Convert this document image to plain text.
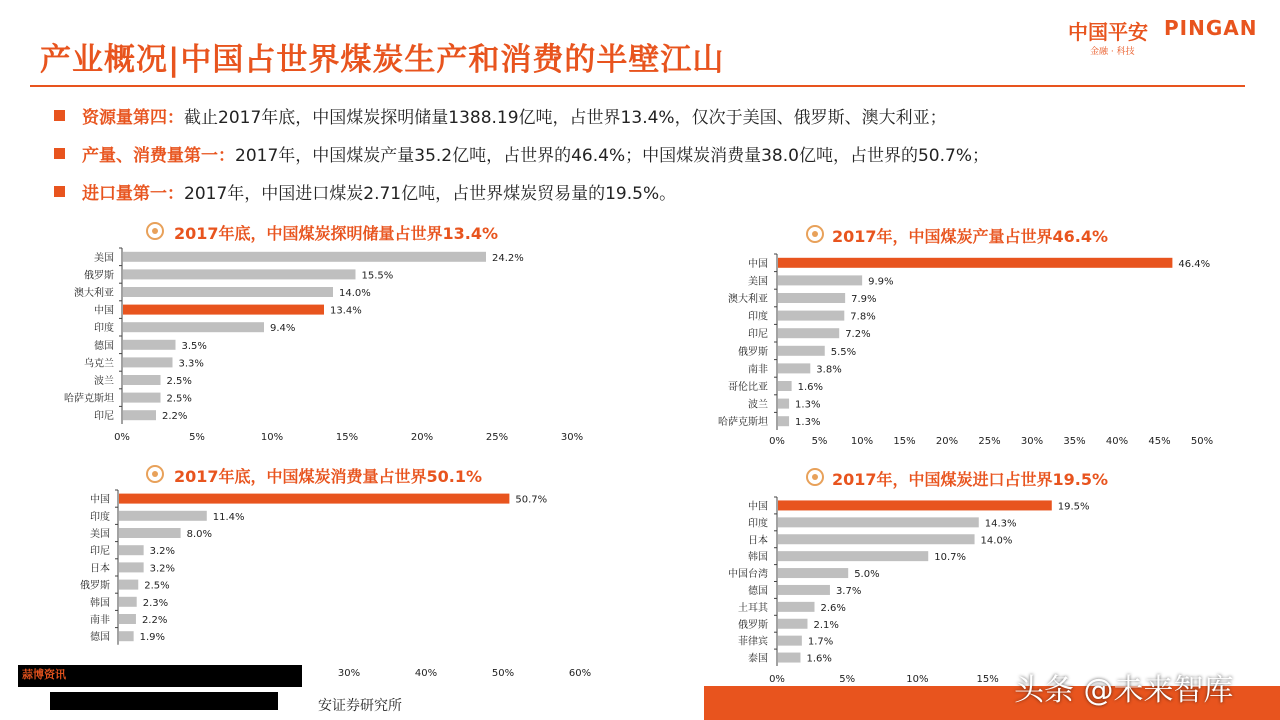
产业概况|中国占世界煤炭生产和消费的半壁江山
中国平安 PINGAN
金融 · 科技
资源量第四：截止2017年底，中国煤炭探明储量1388.19亿吨，占世界13.4%，仅次于美国、俄罗斯、澳大利亚；
产量、消费量第一：2017年，中国煤炭产量35.2亿吨，占世界的46.4%；中国煤炭消费量38.0亿吨，占世界的50.7%；
进口量第一：2017年，中国进口煤炭2.71亿吨，占世界煤炭贸易量的19.5%。
2017年底，中国煤炭探明储量占世界13.4%
美国	24.2%
俄罗斯	15.5%
澳大利亚	14.0%
中国	13.4%
印度	9.4%
德国	3.5%
乌克兰	3.3%
波兰	2.5%
哈萨克斯坦	2.5%
印尼	2.2%
0%	5%	10%	15%	20%	25%	30%
2017年，中国煤炭产量占世界46.4%
中国	46.4%
美国	9.9%
澳大利亚	7.9%
印度	7.8%
印尼	7.2%
俄罗斯	5.5%
南非	3.8%
哥伦比亚	1.6%
波兰	1.3%
哈萨克斯坦	1.3%
0%	5% 10% 15% 20% 25% 30% 35% 40% 45% 50%
2017年底，中国煤炭消费量占世界50.1%
中国	50.7%
印度	11.4%
美国	8.0%
印尼	3.2%
日本	3.2%
俄罗斯	2.5%
韩国	2.3%
南非	2.2%
德国	1.9%
30%	40%	50%	60%
2017年，中国煤炭进口占世界19.5%
中国	19.5%
印度	14.3%
日本	14.0%
韩国	10.7%
中国台湾	5.0%
德国	3.7%
土耳其	2.6%
俄罗斯	2.1%
菲律宾	1.7%
泰国	1.6%
0%	5%	10%	15%
安证券研究所
蒜博资讯	头条 @未来智库
